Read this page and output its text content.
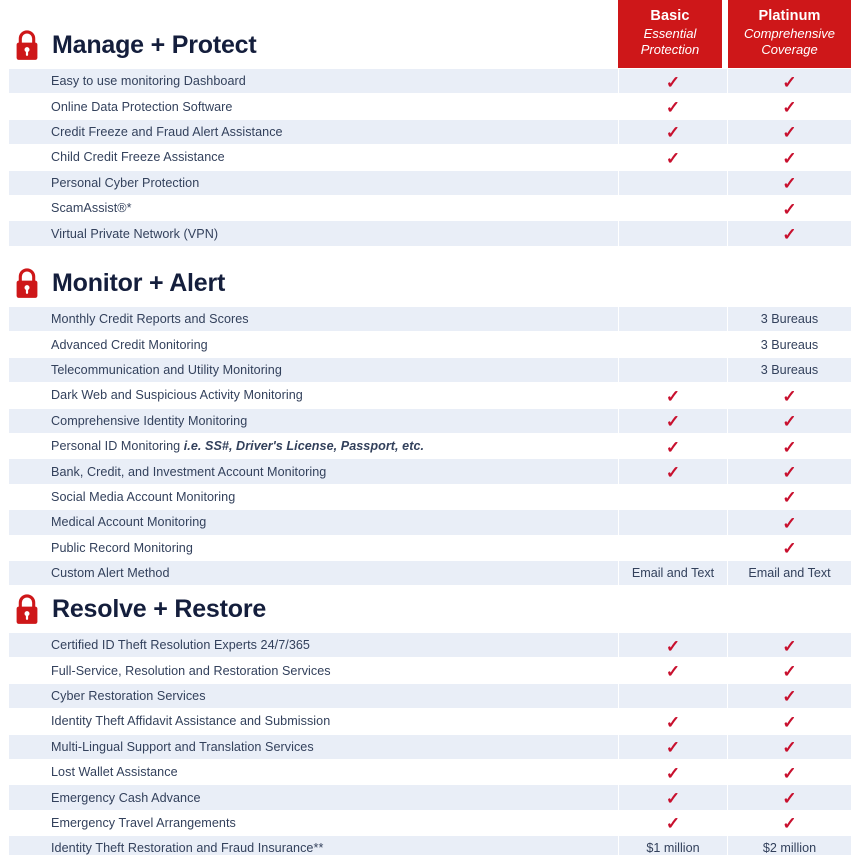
Basic
Essential
Protection
Platinum
Comprehensive
Coverage
Manage + Protect
Easy to use monitoring Dashboard	✓	✓
Online Data Protection Software	✓	✓
Credit Freeze and Fraud Alert Assistance	✓	✓
Child Credit Freeze Assistance	✓	✓
Personal Cyber Protection		✓
ScamAssist®*		✓
Virtual Private Network (VPN)		✓
Monitor + Alert
Monthly Credit Reports and Scores		3 Bureaus
Advanced Credit Monitoring		3 Bureaus
Telecommunication and Utility Monitoring		3 Bureaus
Dark Web and Suspicious Activity Monitoring	✓	✓
Comprehensive Identity Monitoring	✓	✓
Personal ID Monitoring i.e. SS#, Driver's License, Passport, etc.	✓	✓
Bank, Credit, and Investment Account Monitoring	✓	✓
Social Media Account Monitoring		✓
Medical Account Monitoring		✓
Public Record Monitoring		✓
Custom Alert Method	Email and Text	Email and Text
Resolve + Restore
Certified ID Theft Resolution Experts 24/7/365	✓	✓
Full-Service, Resolution and Restoration Services	✓	✓
Cyber Restoration Services		✓
Identity Theft Affidavit Assistance and Submission	✓	✓
Multi-Lingual Support and Translation Services	✓	✓
Lost Wallet Assistance	✓	✓
Emergency Cash Advance	✓	✓
Emergency Travel Arrangements	✓	✓
Identity Theft Restoration and Fraud Insurance**	$1 million	$2 million
